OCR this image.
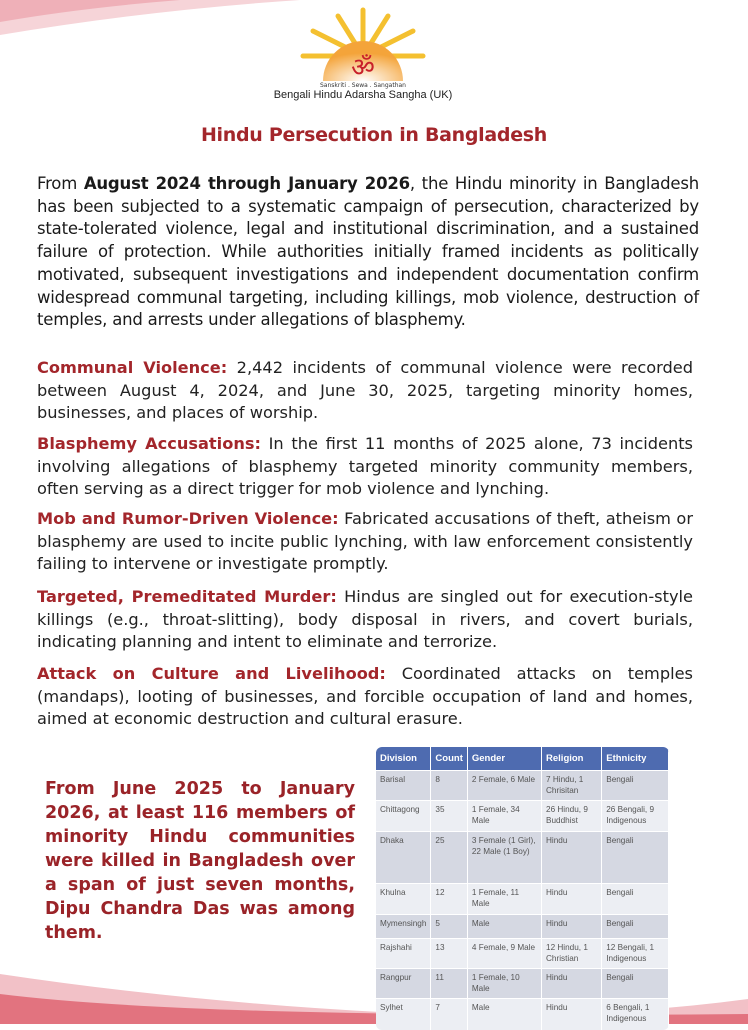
ॐ
Sanskriti . Sewa . Sangathan
Bengali Hindu Adarsha Sangha (UK)
Hindu Persecution in Bangladesh

From August 2024 through January 2026, the Hindu minority in Bangladesh has been subjected to a systematic campaign of persecution, characterized by state-tolerated violence, legal and institutional discrimination, and a sustained failure of protection. While authorities initially framed incidents as politically motivated, subsequent investigations and independent documentation confirm widespread communal targeting, including killings, mob violence, destruction of temples, and arrests under allegations of blasphemy.

Communal Violence: 2,442 incidents of communal violence were recorded between August 4, 2024, and June 30, 2025, targeting minority homes, businesses, and places of worship.

Blasphemy Accusations: In the first 11 months of 2025 alone, 73 incidents involving allegations of blasphemy targeted minority community members, often serving as a direct trigger for mob violence and lynching.

Mob and Rumor-Driven Violence: Fabricated accusations of theft, atheism or blasphemy are used to incite public lynching, with law enforcement consistently failing to intervene or investigate promptly.

Targeted, Premeditated Murder: Hindus are singled out for execution-style killings (e.g., throat-slitting), body disposal in rivers, and covert burials, indicating planning and intent to eliminate and terrorize.

Attack on Culture and Livelihood: Coordinated attacks on temples (mandaps), looting of businesses, and forcible occupation of land and homes, aimed at economic destruction and cultural erasure.

From June 2025 to January 2026, at least 116 members of minority Hindu communities were killed in Bangladesh over a span of just seven months, Dipu Chandra Das was among them.

Division	Count	Gender	Religion	Ethnicity
Barisal	8	2 Female, 6 Male	7 Hindu, 1 Chrisitan	Bengali
Chittagong	35	1 Female, 34 Male	26 Hindu, 9 Buddhist	26 Bengali, 9 Indigenous
Dhaka	25	3 Female (1 Girl), 22 Male (1 Boy)	Hindu	Bengali
Khulna	12	1 Female, 11 Male	Hindu	Bengali
Mymensingh	5	Male	Hindu	Bengali
Rajshahi	13	4 Female, 9 Male	12 Hindu, 1 Christian	12 Bengali, 1 Indigenous
Rangpur	11	1 Female, 10 Male	Hindu	Bengali
Sylhet	7	Male	Hindu	6 Bengali, 1 Indigenous
